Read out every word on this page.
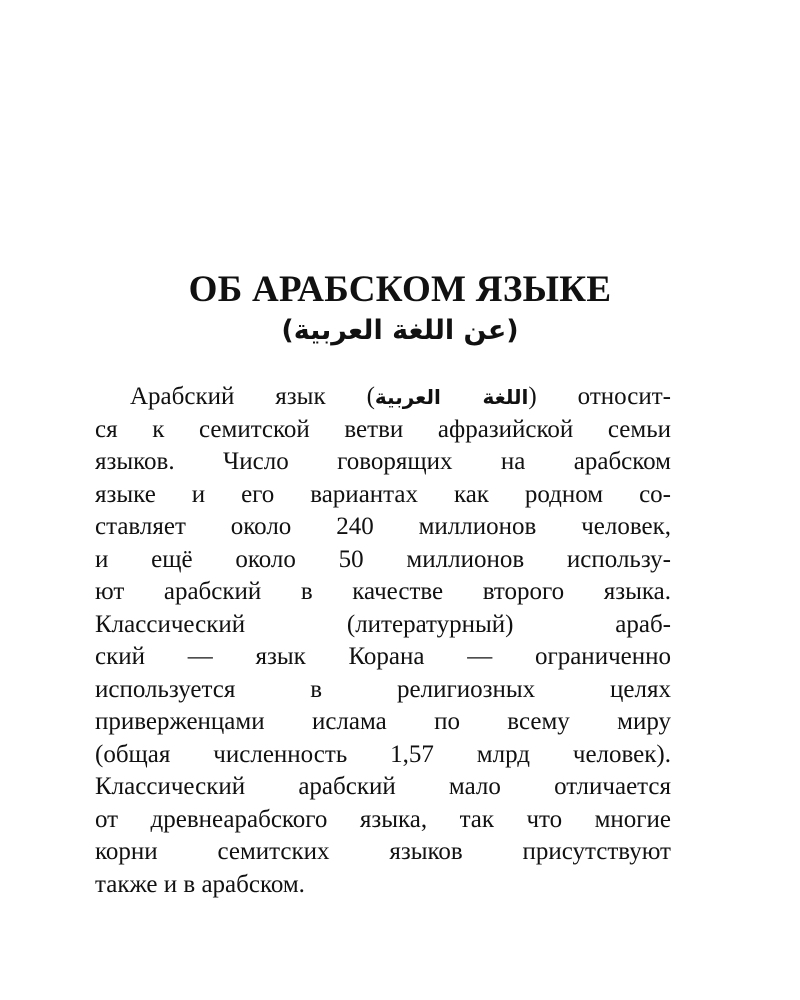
ОБ АРАБСКОМ ЯЗЫКЕ

(عن اللغة العربية)

Арабский язык (اللغة العربية) относит-
ся к семитской ветви афразийской семьи
языков. Число говорящих на арабском
языке и его вариантах как родном со-
ставляет около 240 миллионов человек,
и ещё около 50 миллионов использу-
ют арабский в качестве второго языка.
Классический (литературный) араб-
ский — язык Корана — ограниченно
используется в религиозных целях
приверженцами ислама по всему миру
(общая численность 1,57 млрд человек).
Классический арабский мало отличается
от древнеарабского языка, так что многие
корни семитских языков присутствуют
также и в арабском.
